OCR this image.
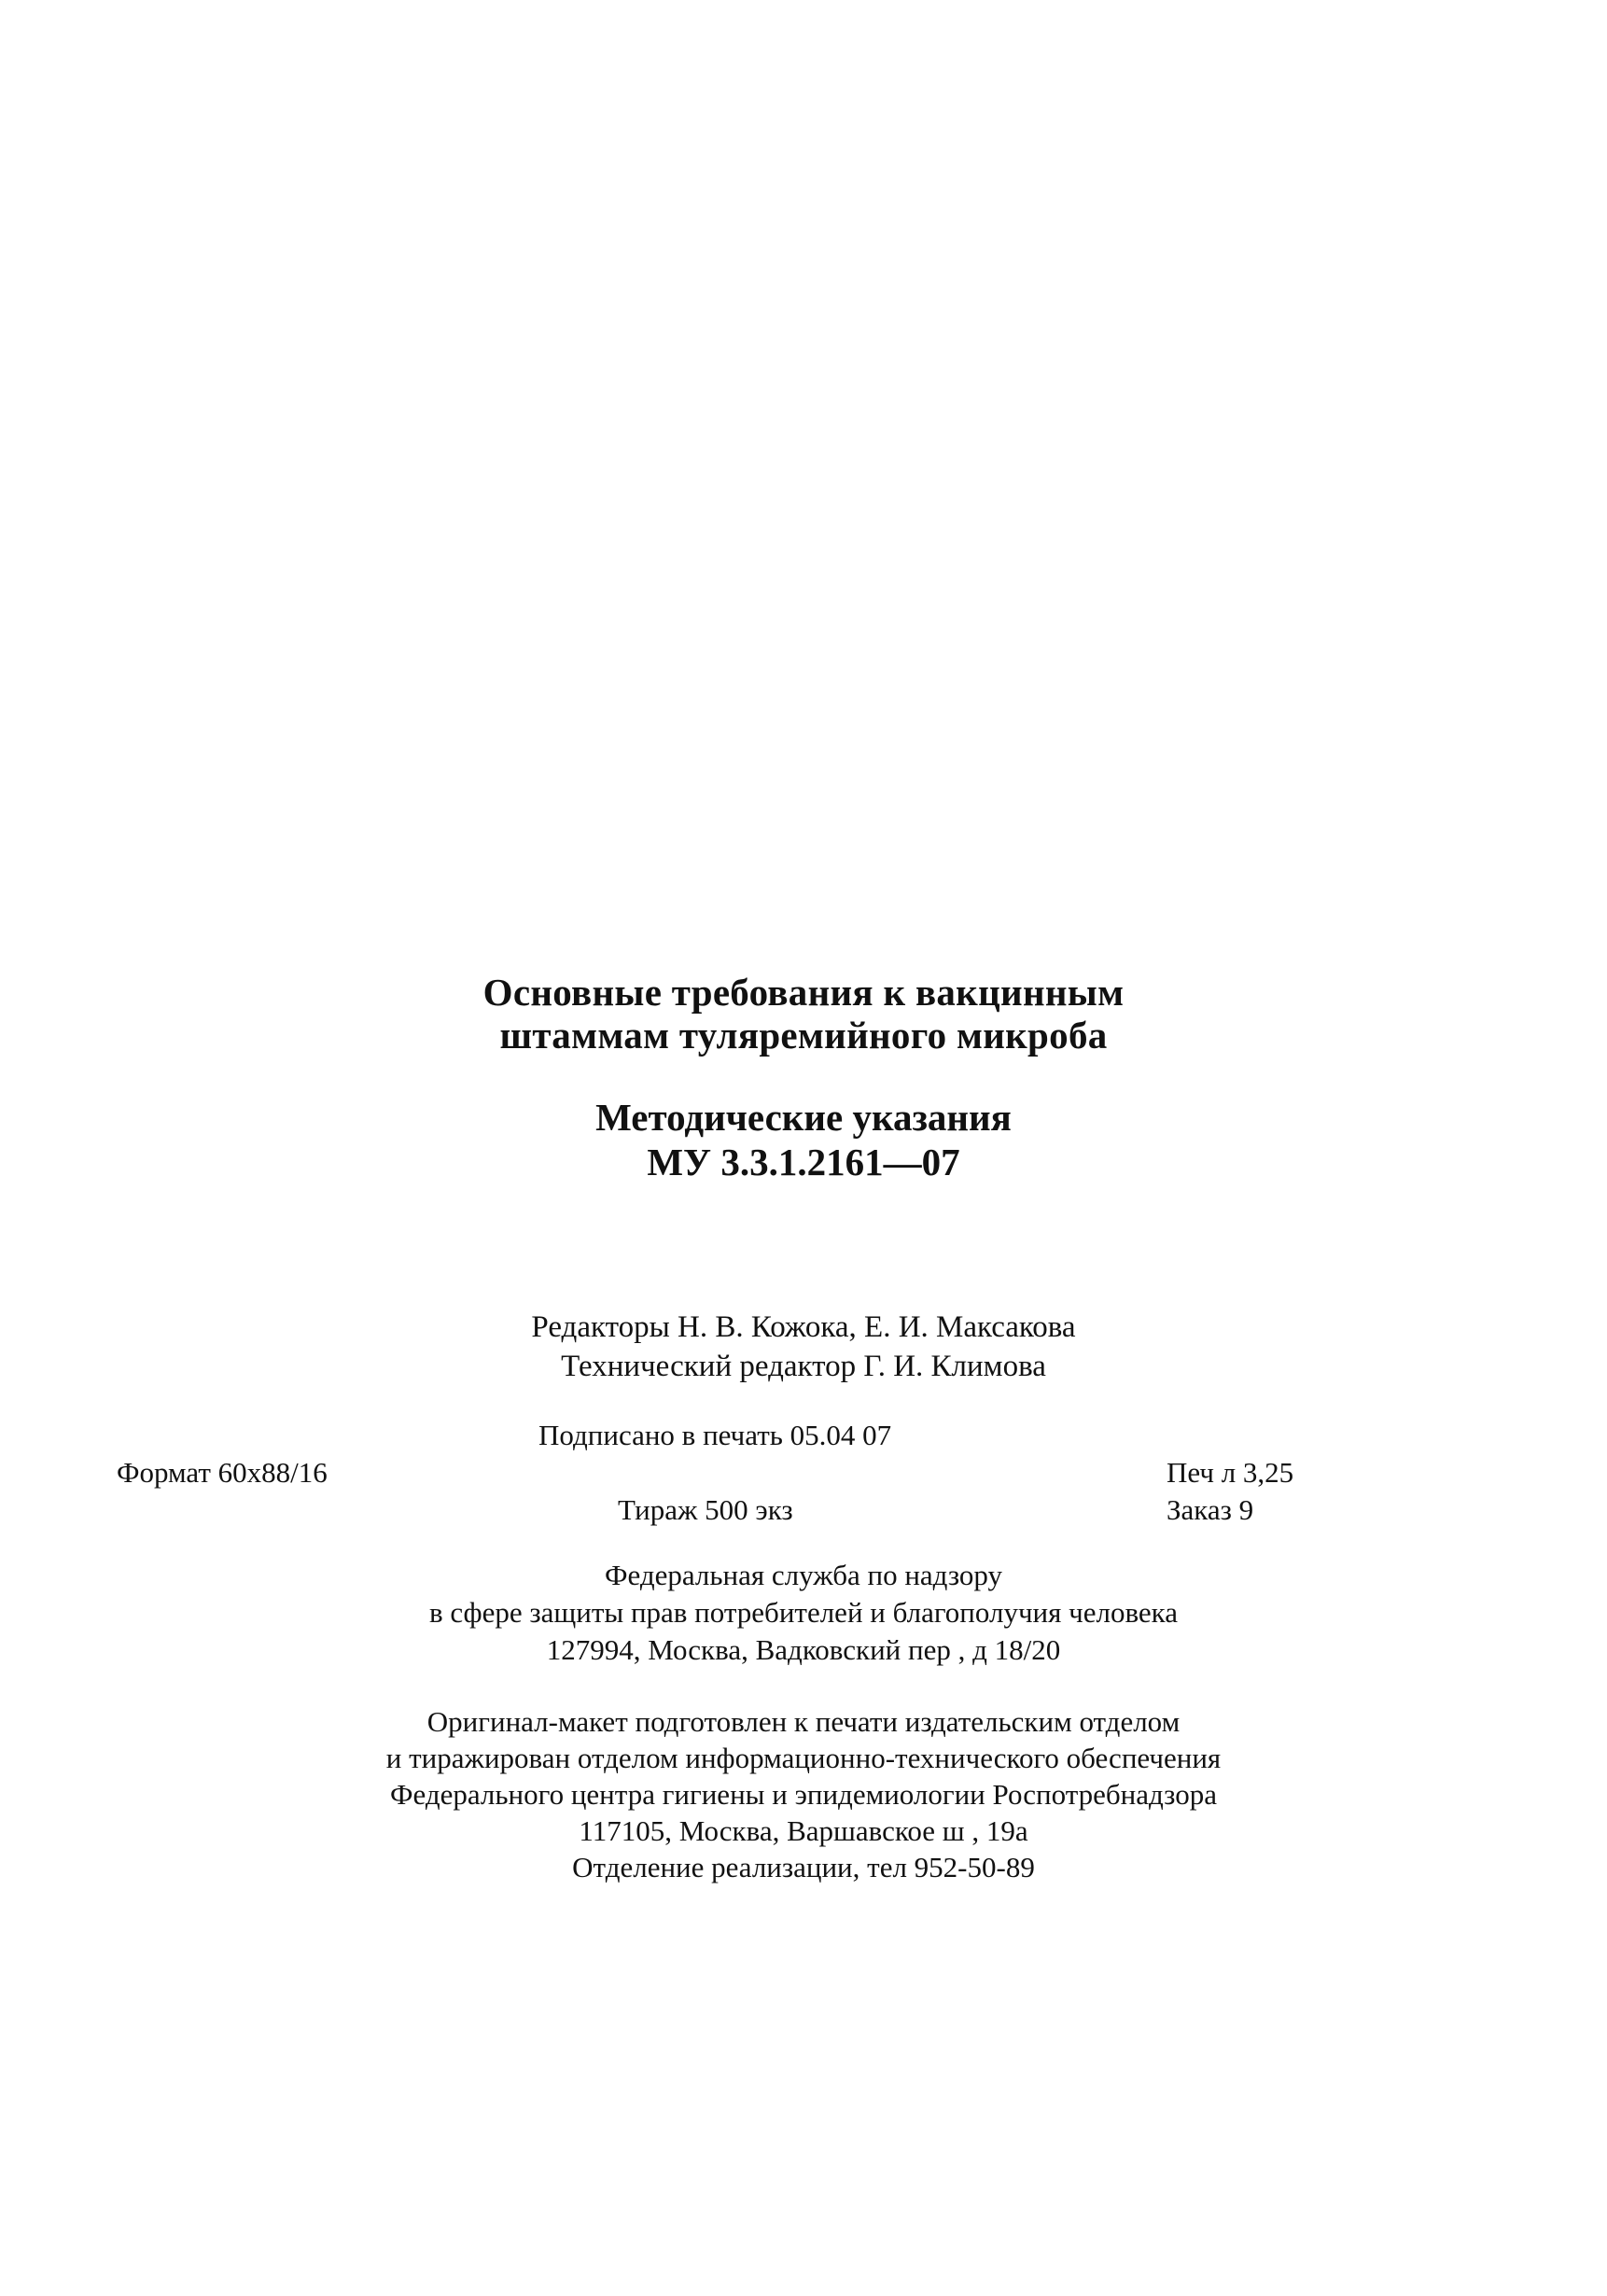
Основные требования к вакцинным
штаммам туляремийного микроба
Методические указания
МУ 3.3.1.2161—07
Редакторы Н. В. Кожока, Е. И. Максакова
Технический редактор Г. И. Климова
Подписано в печать 05.04 07
Формат 60x88/16	Печ л 3,25
Тираж 500 экз	Заказ 9
Федеральная служба по надзору
в сфере защиты прав потребителей и благополучия человека
127994, Москва, Вадковский пер , д 18/20
Оригинал-макет подготовлен к печати издательским отделом
и тиражирован отделом информационно-технического обеспечения
Федерального центра гигиены и эпидемиологии Роспотребнадзора
117105, Москва, Варшавское ш , 19а
Отделение реализации, тел 952-50-89
